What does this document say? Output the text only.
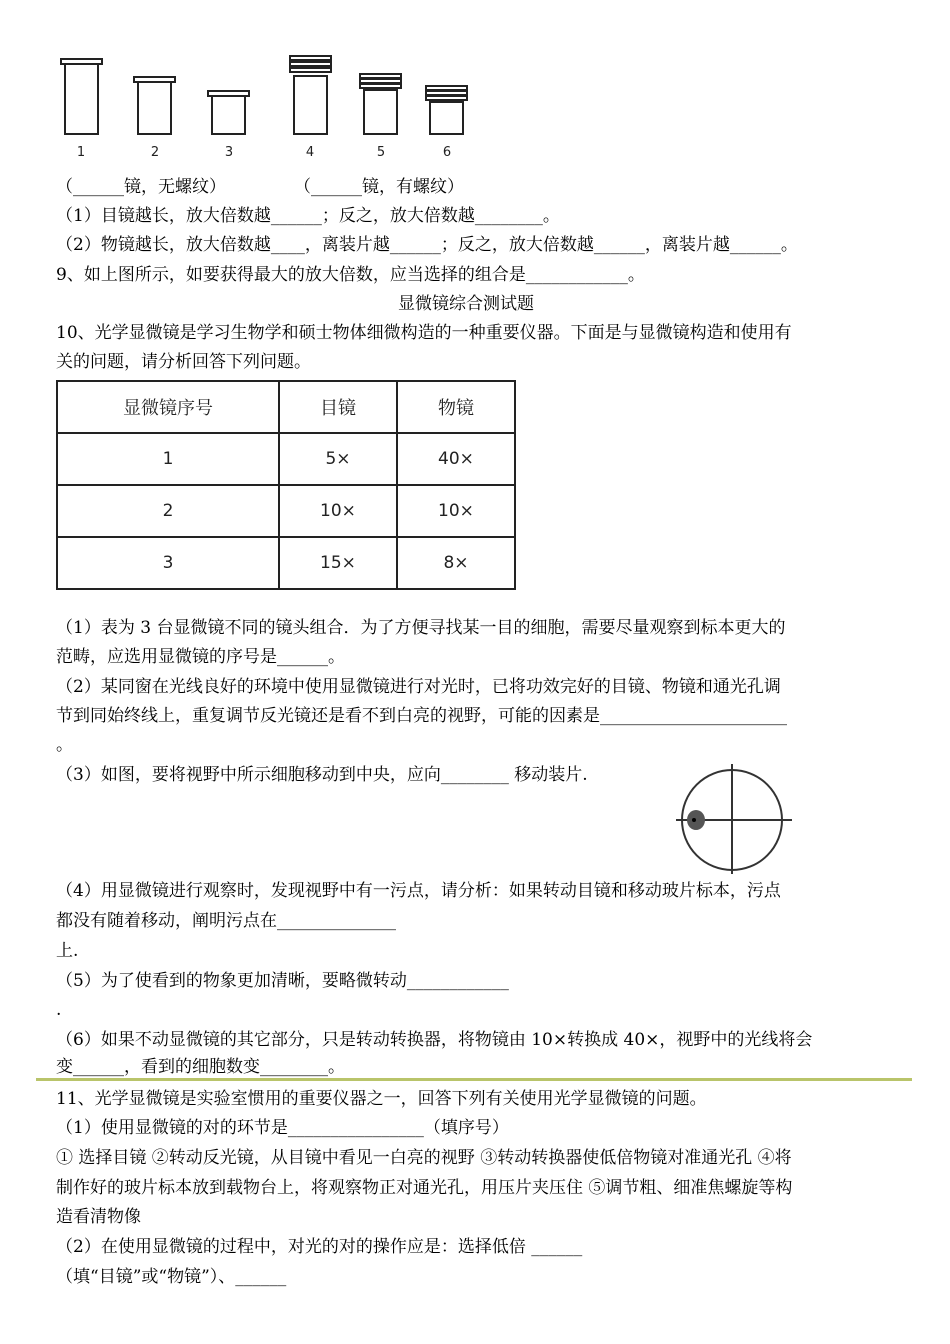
1	2	3	4	5	6
（______镜，无螺纹）	（______镜，有螺纹）
（1）目镜越长，放大倍数越______；反之，放大倍数越________。
（2）物镜越长，放大倍数越____，离装片越______；反之，放大倍数越______，离装片越______。
9、如上图所示，如要获得最大的放大倍数，应当选择的组合是____________。
显微镜综合测试题
10、光学显微镜是学习生物学和硕士物体细微构造的一种重要仪器。下面是与显微镜构造和使用有
关的问题，请分析回答下列问题。
显微镜序号	目镜	物镜
1	5×	40×
2	10×	10×
3	15×	8×
（1）表为 3 台显微镜不同的镜头组合．为了方便寻找某一目的细胞，需要尽量观察到标本更大的
范畴，应选用显微镜的序号是______。
（2）某同窗在光线良好的环境中使用显微镜进行对光时，已将功效完好的目镜、物镜和通光孔调
节到同始终线上，重复调节反光镜还是看不到白亮的视野，可能的因素是______________________
。
（3）如图，要将视野中所示细胞移动到中央，应向________ 移动装片.
（4）用显微镜进行观察时，发现视野中有一污点，请分析：如果转动目镜和移动玻片标本，污点
都没有随着移动，阐明污点在______________
上.
（5）为了使看到的物象更加清晰，要略微转动____________
.
（6）如果不动显微镜的其它部分，只是转动转换器，将物镜由 10×转换成 40×，视野中的光线将会
变______，看到的细胞数变________。
11、光学显微镜是实验室惯用的重要仪器之一，回答下列有关使用光学显微镜的问题。
（1）使用显微镜的对的环节是________________（填序号）
① 选择目镜 ②转动反光镜，从目镜中看见一白亮的视野 ③转动转换器使低倍物镜对准通光孔 ④将
制作好的玻片标本放到载物台上，将观察物正对通光孔，用压片夹压住 ⑤调节粗、细准焦螺旋等构
造看清物像
（2）在使用显微镜的过程中，对光的对的操作应是：选择低倍 ______
（填“目镜”或“物镜”）、______
